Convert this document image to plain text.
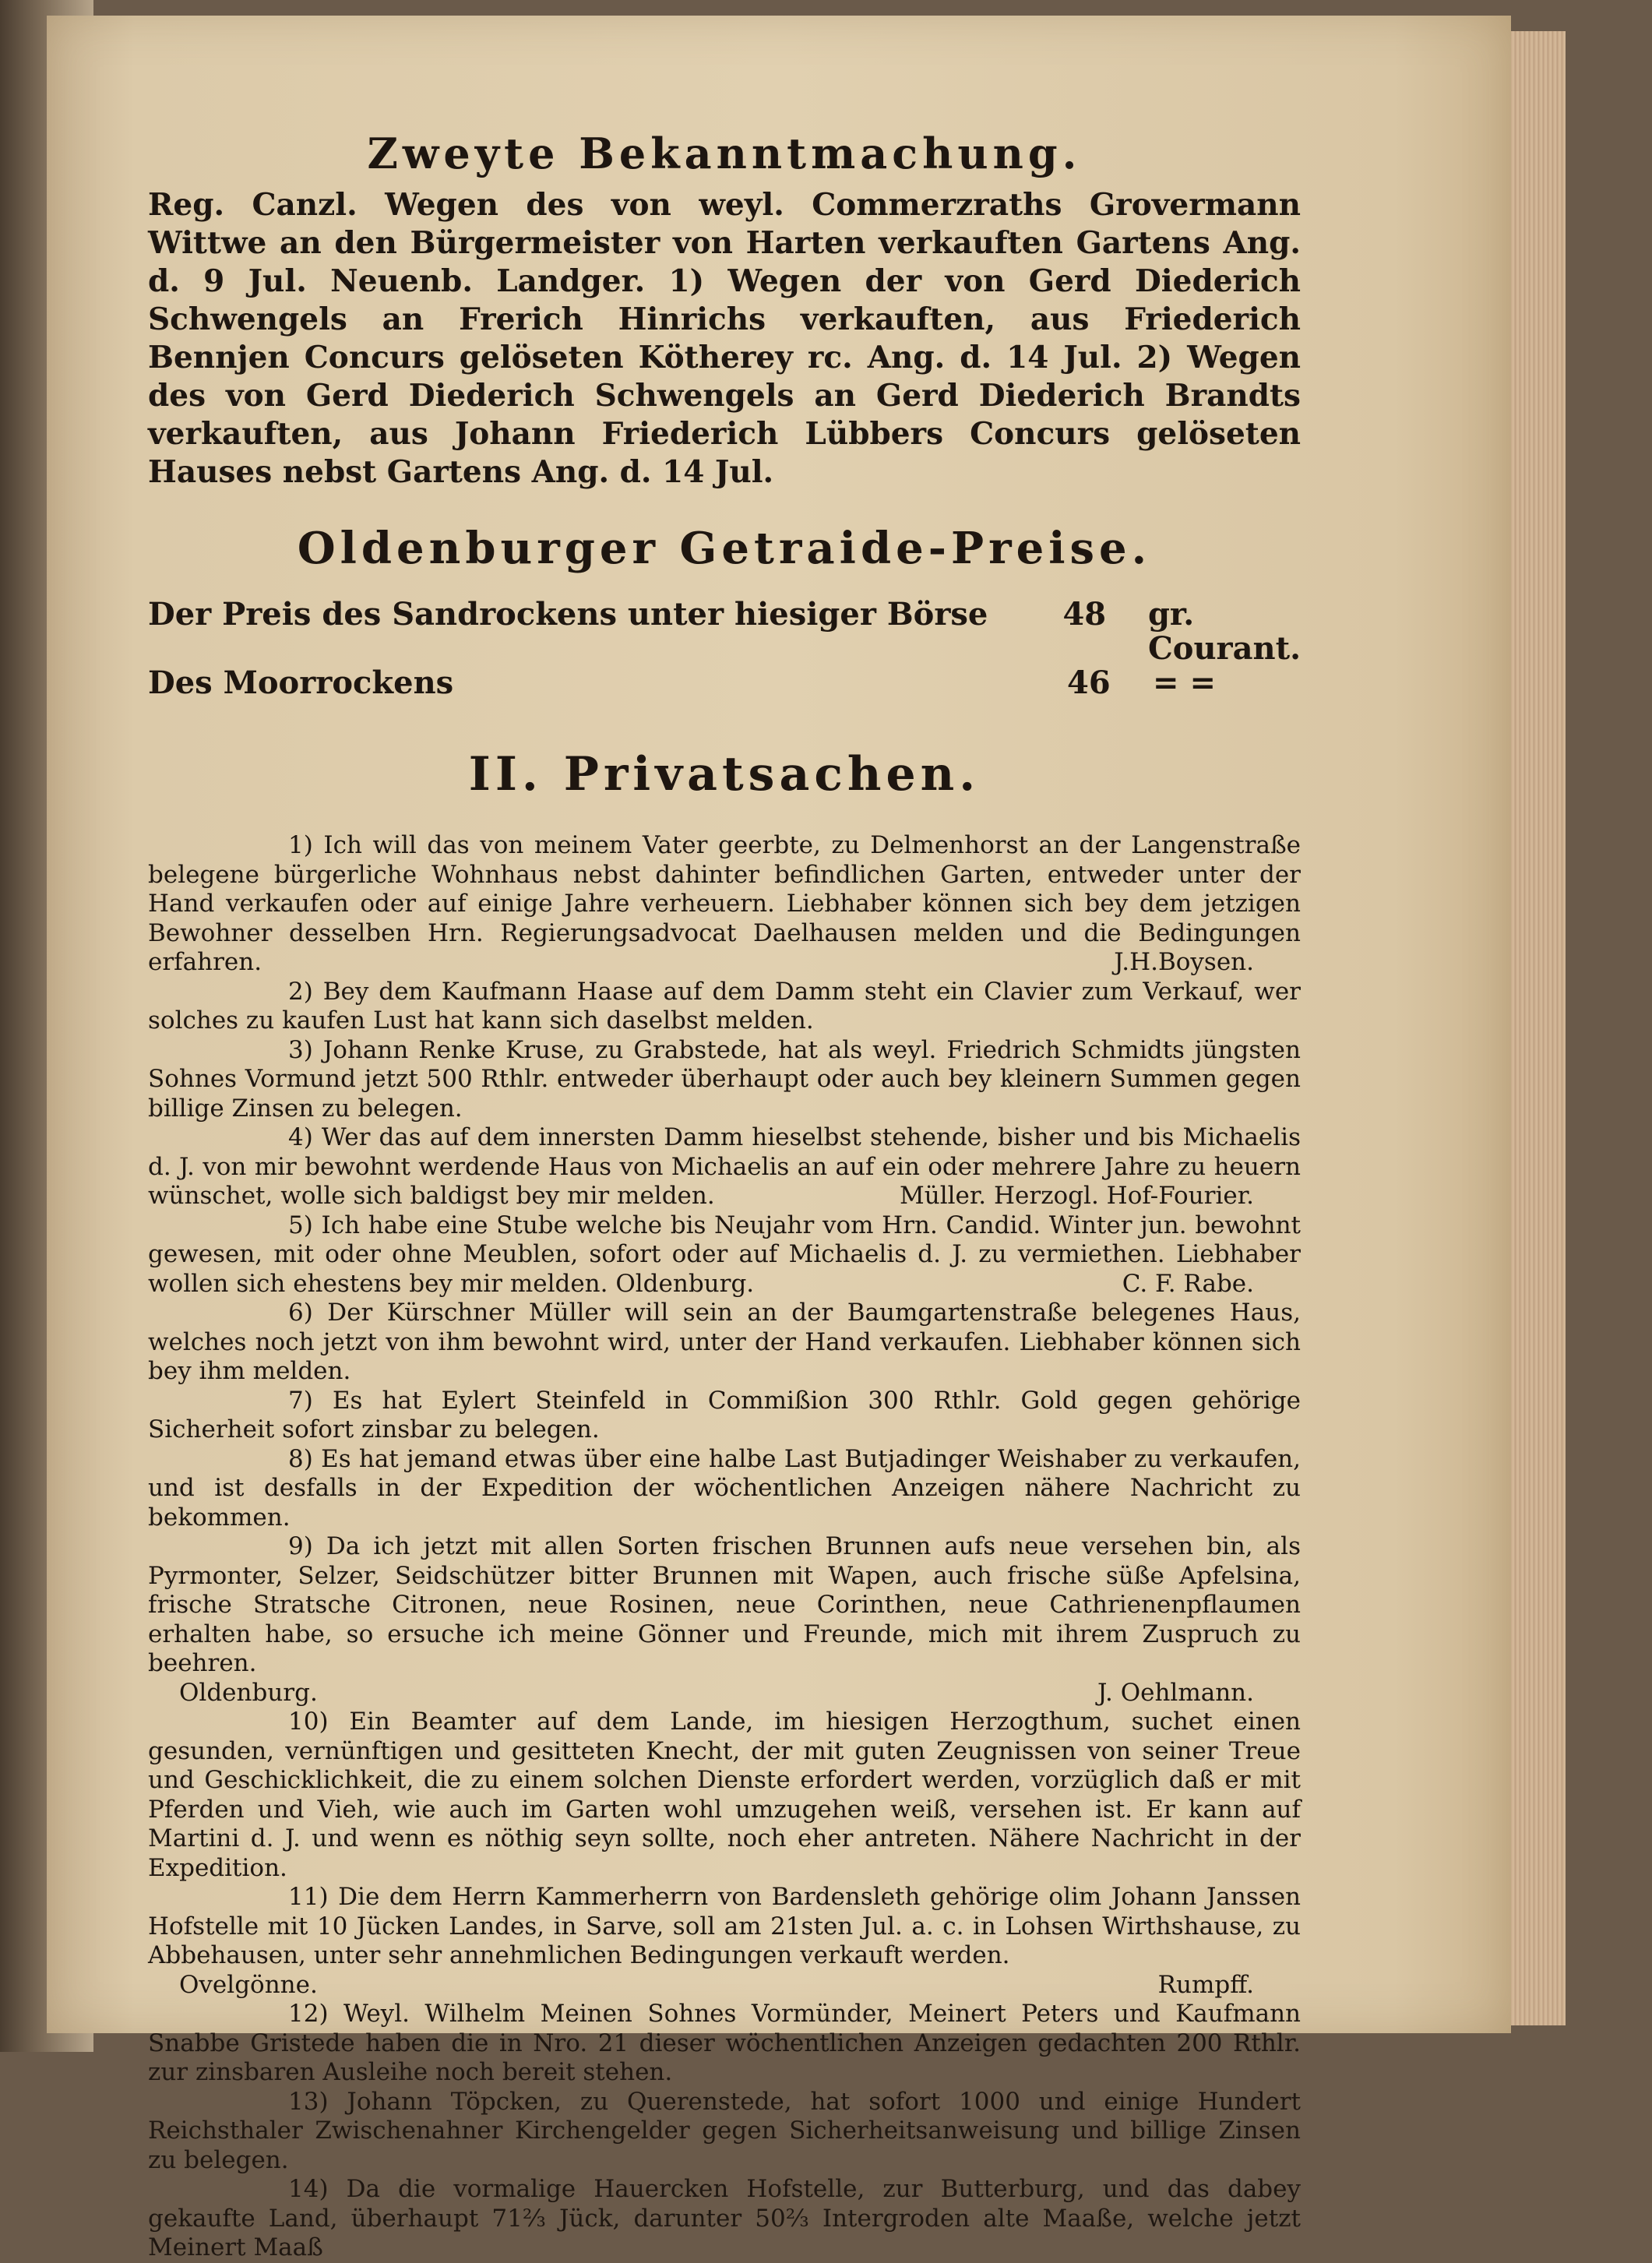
Zweyte Bekanntmachung.

Reg. Canzl. Wegen des von weyl. Commerzraths Grovermann Wittwe an den Bürgermeister von Harten verkauften Gartens Ang. d. 9 Jul. Neuenb. Landger. 1) Wegen der von Gerd Diederich Schwengels an Frerich Hinrichs verkauften, aus Friederich Bennjen Concurs gelöseten Kötherey rc. Ang. d. 14 Jul. 2) Wegen des von Gerd Diederich Schwengels an Gerd Diederich Brandts verkauften, aus Johann Friederich Lübbers Concurs gelöseten Hauses nebst Gartens Ang. d. 14 Jul.

Oldenburger Getraide-Preise.
Der Preis des Sandrockens unter hiesiger Börse	48	gr. Courant.
Des Moorrockens	46	= =
II. Privatsachen.

1) Ich will das von meinem Vater geerbte, zu Delmenhorst an der Langenstraße belegene bürgerliche Wohnhaus nebst dahinter befindlichen Garten, entweder unter der Hand verkaufen oder auf einige Jahre verheuern. Liebhaber können sich bey dem jetzigen Bewohner desselben Hrn. Regierungsadvocat Daelhausen melden und die Bedingungen erfahren.	J.H.Boysen.

2) Bey dem Kaufmann Haase auf dem Damm steht ein Clavier zum Verkauf, wer solches zu kaufen Lust hat kann sich daselbst melden.

3) Johann Renke Kruse, zu Grabstede, hat als weyl. Friedrich Schmidts jüngsten Sohnes Vormund jetzt 500 Rthlr. entweder überhaupt oder auch bey kleinern Summen gegen billige Zinsen zu belegen.

4) Wer das auf dem innersten Damm hieselbst stehende, bisher und bis Michaelis d. J. von mir bewohnt werdende Haus von Michaelis an auf ein oder mehrere Jahre zu heuern wünschet, wolle sich baldigst bey mir melden.	Müller. Herzogl. Hof-Fourier.

5) Ich habe eine Stube welche bis Neujahr vom Hrn. Candid. Winter jun. bewohnt gewesen, mit oder ohne Meublen, sofort oder auf Michaelis d. J. zu vermiethen. Liebhaber wollen sich ehestens bey mir melden. Oldenburg.	C. F. Rabe.

6) Der Kürschner Müller will sein an der Baumgartenstraße belegenes Haus, welches noch jetzt von ihm bewohnt wird, unter der Hand verkaufen. Liebhaber können sich bey ihm melden.

7) Es hat Eylert Steinfeld in Commißion 300 Rthlr. Gold gegen gehörige Sicherheit sofort zinsbar zu belegen.

8) Es hat jemand etwas über eine halbe Last Butjadinger Weishaber zu verkaufen, und ist desfalls in der Expedition der wöchentlichen Anzeigen nähere Nachricht zu bekommen.

9) Da ich jetzt mit allen Sorten frischen Brunnen aufs neue versehen bin, als Pyrmonter, Selzer, Seidschützer bitter Brunnen mit Wapen, auch frische süße Apfelsina, frische Stratsche Citronen, neue Rosinen, neue Corinthen, neue Cathrienenpflaumen erhalten habe, so ersuche ich meine Gönner und Freunde, mich mit ihrem Zuspruch zu beehren.

Oldenburg.	J. Oehlmann.

10) Ein Beamter auf dem Lande, im hiesigen Herzogthum, suchet einen gesunden, vernünftigen und gesitteten Knecht, der mit guten Zeugnissen von seiner Treue und Geschicklichkeit, die zu einem solchen Dienste erfordert werden, vorzüglich daß er mit Pferden und Vieh, wie auch im Garten wohl umzugehen weiß, versehen ist. Er kann auf Martini d. J. und wenn es nöthig seyn sollte, noch eher antreten. Nähere Nachricht in der Expedition.

11) Die dem Herrn Kammerherrn von Bardensleth gehörige olim Johann Janssen Hofstelle mit 10 Jücken Landes, in Sarve, soll am 21sten Jul. a. c. in Lohsen Wirthshause, zu Abbehausen, unter sehr annehmlichen Bedingungen verkauft werden.

Ovelgönne.	Rumpff.

12) Weyl. Wilhelm Meinen Sohnes Vormünder, Meinert Peters und Kaufmann Snabbe Gristede haben die in Nro. 21 dieser wöchentlichen Anzeigen gedachten 200 Rthlr. zur zinsbaren Ausleihe noch bereit stehen.

13) Johann Töpcken, zu Querenstede, hat sofort 1000 und einige Hundert Reichsthaler Zwischenahner Kirchengelder gegen Sicherheitsanweisung und billige Zinsen zu belegen.

14) Da die vormalige Hauercken Hofstelle, zur Butterburg, und das dabey gekaufte Land, überhaupt 71⅔ Jück, darunter 50⅔ Intergroden alte Maaße, welche jetzt Meinert Maaß
